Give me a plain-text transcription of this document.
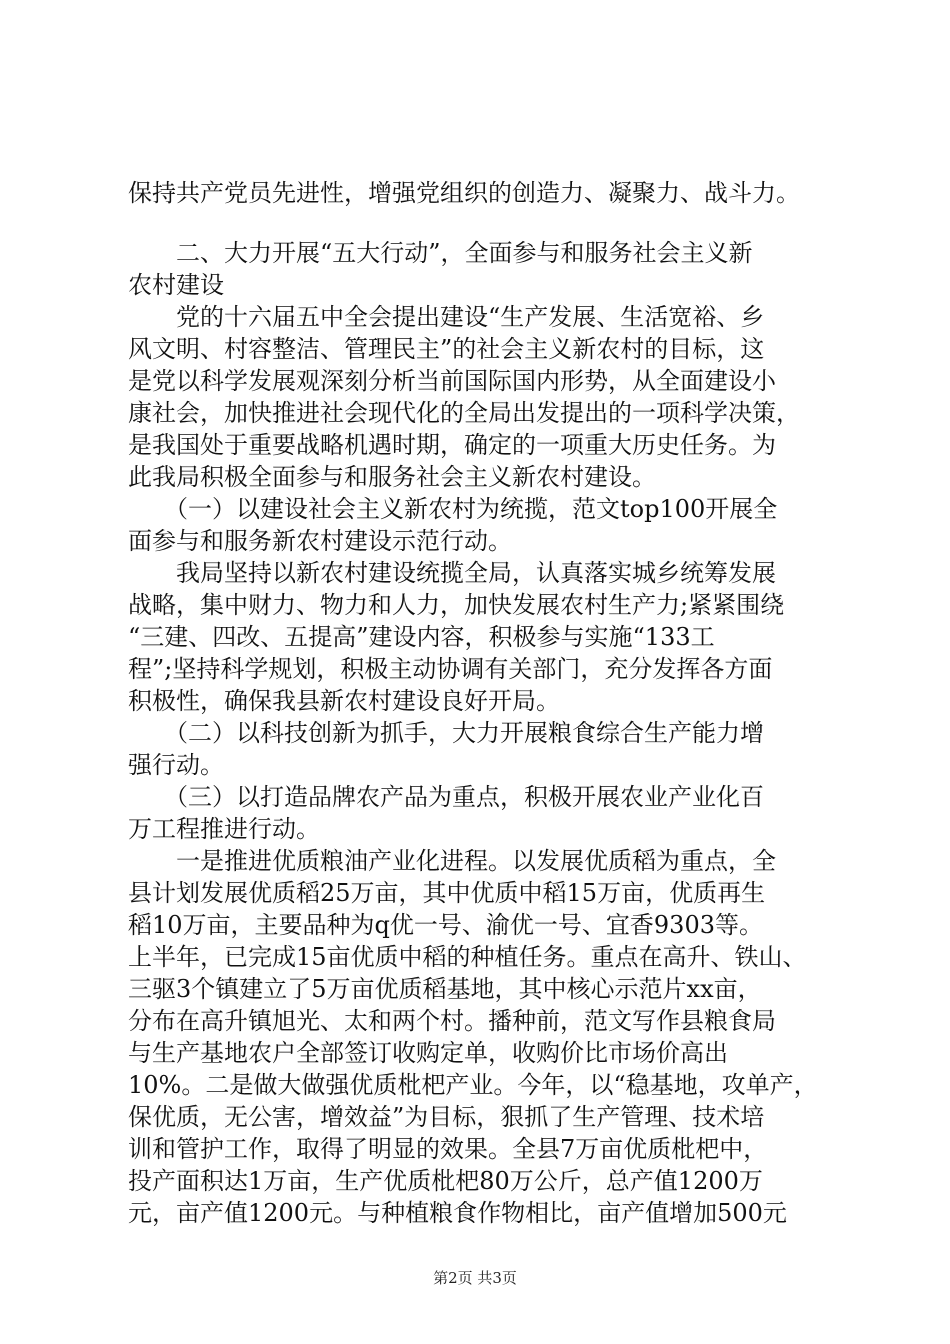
保持共产党员先进性，增强党组织的创造力、凝聚力、战斗力。
　　二、大力开展“五大行动”，全面参与和服务社会主义新
农村建设
　　党的十六届五中全会提出建设“生产发展、生活宽裕、乡
风文明、村容整洁、管理民主”的社会主义新农村的目标，这
是党以科学发展观深刻分析当前国际国内形势，从全面建设小
康社会，加快推进社会现代化的全局出发提出的一项科学决策，
是我国处于重要战略机遇时期，确定的一项重大历史任务。为
此我局积极全面参与和服务社会主义新农村建设。
　　（一）以建设社会主义新农村为统揽，范文top100开展全
面参与和服务新农村建设示范行动。
　　我局坚持以新农村建设统揽全局，认真落实城乡统筹发展
战略，集中财力、物力和人力，加快发展农村生产力;紧紧围绕
“三建、四改、五提高”建设内容，积极参与实施“133工
程”;坚持科学规划，积极主动协调有关部门，充分发挥各方面
积极性，确保我县新农村建设良好开局。
　　（二）以科技创新为抓手，大力开展粮食综合生产能力增
强行动。
　　（三）以打造品牌农产品为重点，积极开展农业产业化百
万工程推进行动。
　　一是推进优质粮油产业化进程。以发展优质稻为重点，全
县计划发展优质稻25万亩，其中优质中稻15万亩，优质再生
稻10万亩，主要品种为q优一号、渝优一号、宜香9303等。
上半年，已完成15亩优质中稻的种植任务。重点在高升、铁山、
三驱3个镇建立了5万亩优质稻基地，其中核心示范片xx亩，
分布在高升镇旭光、太和两个村。播种前，范文写作县粮食局
与生产基地农户全部签订收购定单，收购价比市场价高出
10%。二是做大做强优质枇杷产业。今年，以“稳基地，攻单产，
保优质，无公害，增效益”为目标，狠抓了生产管理、技术培
训和管护工作，取得了明显的效果。全县7万亩优质枇杷中，
投产面积达1万亩，生产优质枇杷80万公斤，总产值1200万
元，亩产值1200元。与种植粮食作物相比，亩产值增加500元
第2页 共3页
